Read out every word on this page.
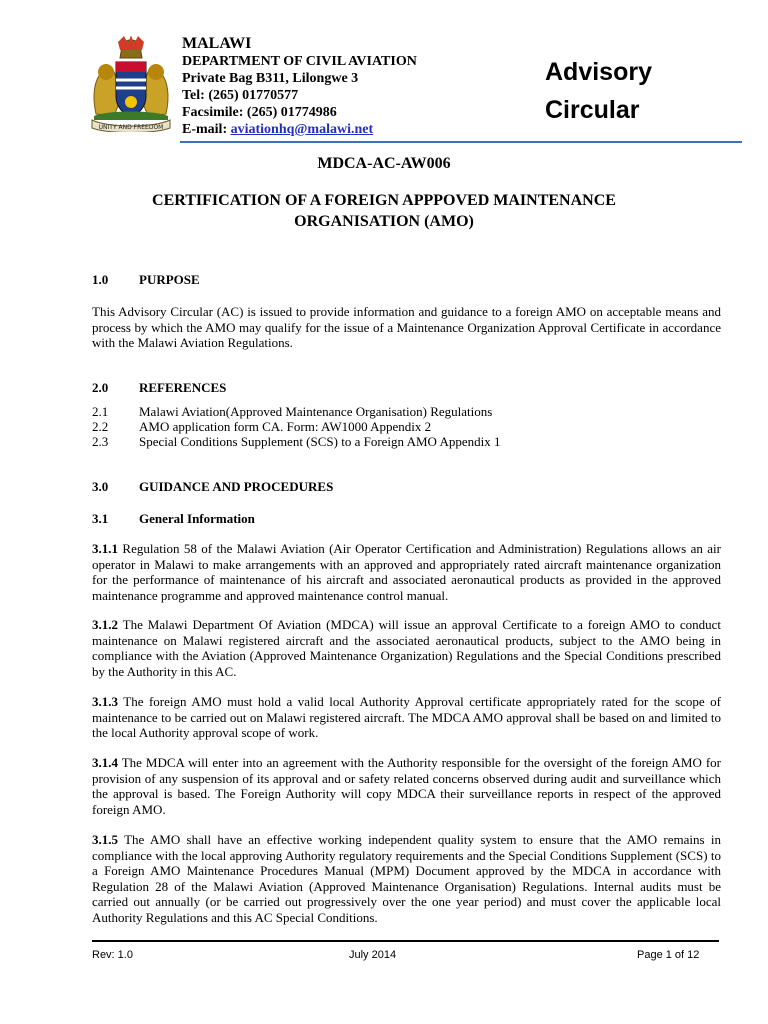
UNITY AND FREEDOM
MALAWI
DEPARTMENT OF CIVIL AVIATION
Private Bag B311, Lilongwe 3
Tel: (265) 01770577
Facsimile: (265) 01774986
E-mail: aviationhq@malawi.net
Advisory
Circular
MDCA-AC-AW006
CERTIFICATION OF A FOREIGN APPPOVED MAINTENANCE
ORGANISATION (AMO)
1.0 PURPOSE
This Advisory Circular (AC) is issued to provide information and guidance to a foreign AMO on acceptable means and process by which the AMO may qualify for the issue of a Maintenance Organization Approval Certificate in accordance with the Malawi Aviation Regulations.
2.0 REFERENCES
2.1 Malawi Aviation(Approved Maintenance Organisation) Regulations
2.2 AMO application form CA. Form: AW1000 Appendix 2
2.3 Special Conditions Supplement (SCS) to a Foreign AMO Appendix 1
3.0 GUIDANCE AND PROCEDURES
3.1 General Information
3.1.1 Regulation 58 of the Malawi Aviation (Air Operator Certification and Administration) Regulations allows an air operator in Malawi to make arrangements with an approved and appropriately rated aircraft maintenance organization for the performance of maintenance of his aircraft and associated aeronautical products as provided in the approved maintenance programme and approved maintenance control manual.
3.1.2 The Malawi Department Of Aviation (MDCA) will issue an approval Certificate to a foreign AMO to conduct maintenance on Malawi registered aircraft and the associated aeronautical products, subject to the AMO being in compliance with the Aviation (Approved Maintenance Organization) Regulations and the Special Conditions prescribed by the Authority in this AC.
3.1.3 The foreign AMO must hold a valid local Authority Approval certificate appropriately rated for the scope of maintenance to be carried out on Malawi registered aircraft. The MDCA AMO approval shall be based on and limited to the local Authority approval scope of work.
3.1.4 The MDCA will enter into an agreement with the Authority responsible for the oversight of the foreign AMO for provision of any suspension of its approval and or safety related concerns observed during audit and surveillance which the approval is based. The Foreign Authority will copy MDCA their surveillance reports in respect of the approved foreign AMO.
3.1.5 The AMO shall have an effective working independent quality system to ensure that the AMO remains in compliance with the local approving Authority regulatory requirements and the Special Conditions Supplement (SCS) to a Foreign AMO Maintenance Procedures Manual (MPM) Document approved by the MDCA in accordance with Regulation 28 of the Malawi Aviation (Approved Maintenance Organisation) Regulations. Internal audits must be carried out annually (or be carried out progressively over the one year period) and must cover the applicable local Authority Regulations and this AC Special Conditions.
Rev: 1.0	July 2014	Page 1 of 12
